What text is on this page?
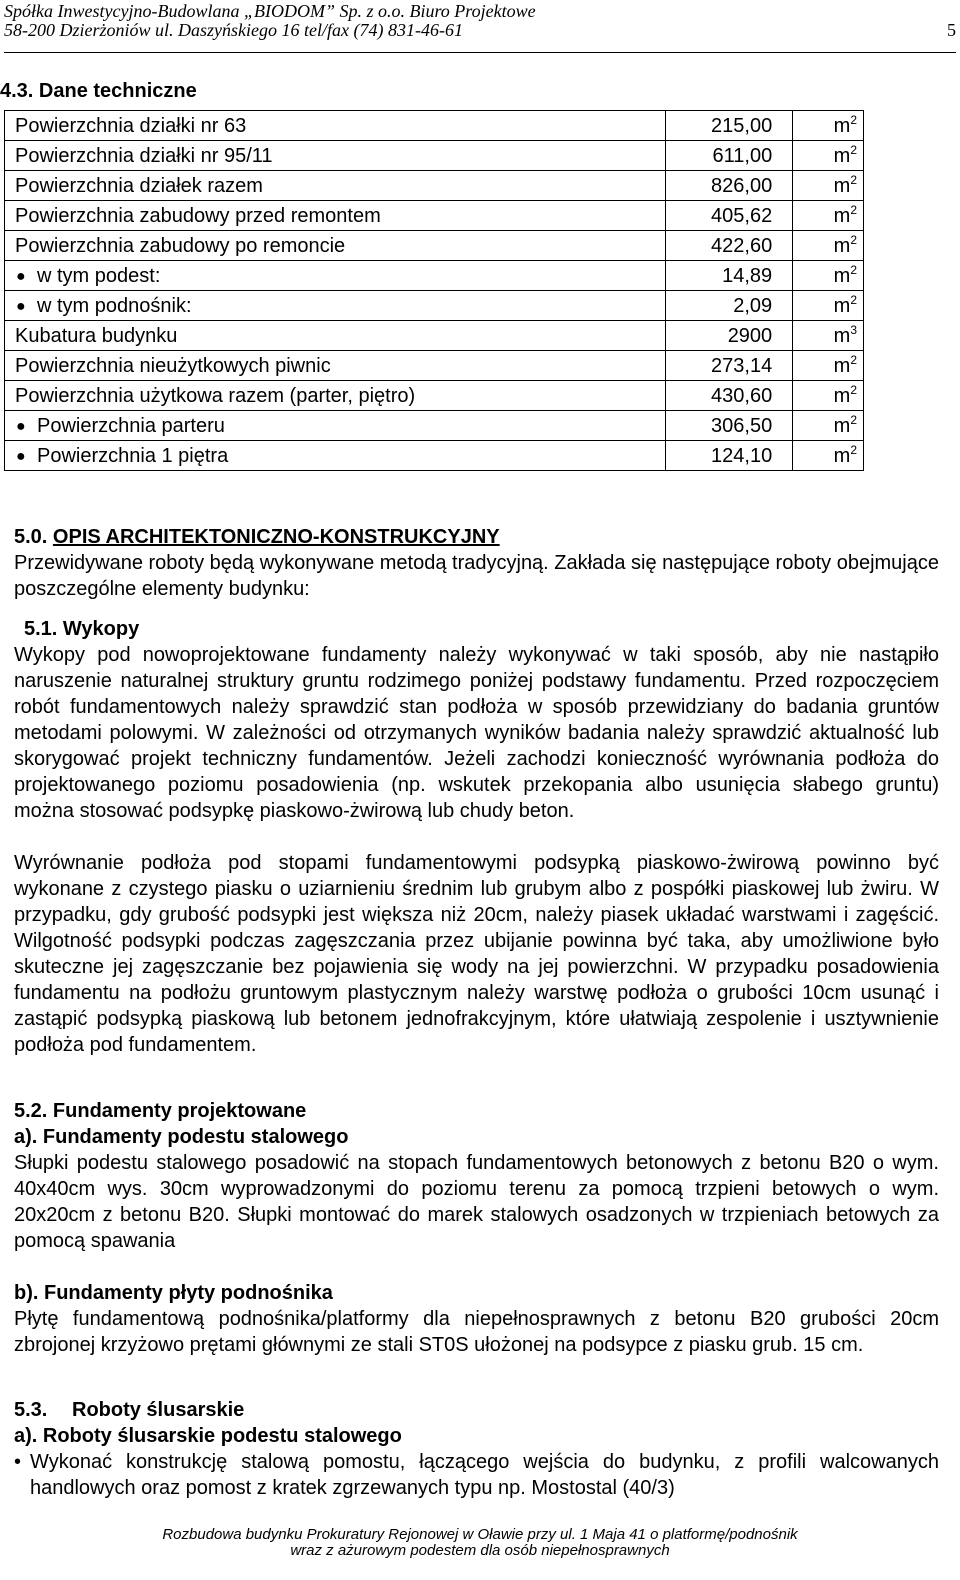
Spółka Inwestycyjno-Budowlana „BIODOM” Sp. z o.o. Biuro Projektowe
58-200 Dzierżoniów ul. Daszyńskiego 16 tel/fax (74) 831-46-61	5
4.3. Dane techniczne
Powierzchnia działki nr 63	215,00	$m^2$
Powierzchnia działki nr 95/11	611,00	$m^2$
Powierzchnia działek razem	826,00	$m^2$
Powierzchnia zabudowy przed remontem	405,62	$m^2$
Powierzchnia zabudowy po remoncie	422,60	$m^2$

● w tym podest:	14,89	$m^2$

● w tym podnośnik:	2,09	$m^2$
Kubatura budynku	2900	$m^3$
Powierzchnia nieużytkowych piwnic	273,14	$m^2$
Powierzchnia użytkowa razem (parter, piętro)	430,60	$m^2$

● Powierzchnia parteru	306,50	$m^2$

● Powierzchnia 1 piętra	124,10	$m^2$
5.0. OPIS ARCHITEKTONICZNO-KONSTRUKCYJNY
Przewidywane roboty będą wykonywane metodą tradycyjną. Zakłada się następujące roboty obejmujące poszczególne elementy budynku:
5.1. Wykopy
Wykopy pod nowoprojektowane fundamenty należy wykonywać w taki sposób, aby nie nastąpiło naruszenie naturalnej struktury gruntu rodzimego poniżej podstawy fundamentu. Przed rozpoczęciem robót fundamentowych należy sprawdzić stan podłoża w sposób przewidziany do badania gruntów metodami polowymi. W zależności od otrzymanych wyników badania należy sprawdzić aktualność lub skorygować projekt techniczny fundamentów. Jeżeli zachodzi konieczność wyrównania podłoża do projektowanego poziomu posadowienia (np. wskutek przekopania albo usunięcia słabego gruntu) można stosować podsypkę piaskowo-żwirową lub chudy beton.
Wyrównanie podłoża pod stopami fundamentowymi podsypką piaskowo-żwirową powinno być wykonane z czystego piasku o uziarnieniu średnim lub grubym albo z pospółki piaskowej lub żwiru. W przypadku, gdy grubość podsypki jest większa niż 20cm, należy piasek układać warstwami i zagęścić. Wilgotność podsypki podczas zagęszczania przez ubijanie powinna być taka, aby umożliwione było skuteczne jej zagęszczanie bez pojawienia się wody na jej powierzchni. W przypadku posadowienia fundamentu na podłożu gruntowym plastycznym należy warstwę podłoża o grubości 10cm usunąć i zastąpić podsypką piaskową lub betonem jednofrakcyjnym, które ułatwiają zespolenie i usztywnienie podłoża pod fundamentem.
5.2. Fundamenty projektowane
a). Fundamenty podestu stalowego
Słupki podestu stalowego posadowić na stopach fundamentowych betonowych z betonu B20 o wym. 40x40cm wys. 30cm wyprowadzonymi do poziomu terenu za pomocą trzpieni betowych o wym. 20x20cm z betonu B20. Słupki montować do marek stalowych osadzonych w trzpieniach betowych za pomocą spawania
b). Fundamenty płyty podnośnika
Płytę fundamentową podnośnika/platformy dla niepełnosprawnych z betonu B20 grubości 20cm zbrojonej krzyżowo prętami głównymi ze stali ST0S ułożonej na podsypce z piasku grub. 15 cm.
5.3. Roboty ślusarskie
a). Roboty ślusarskie podestu stalowego
• Wykonać konstrukcję stalową pomostu, łączącego wejścia do budynku, z profili walcowanych handlowych oraz pomost z kratek zgrzewanych typu np. Mostostal (40/3)
Rozbudowa budynku Prokuratury Rejonowej w Oławie przy ul. 1 Maja 41 o platformę/podnośnik
wraz z ażurowym podestem dla osób niepełnosprawnych
